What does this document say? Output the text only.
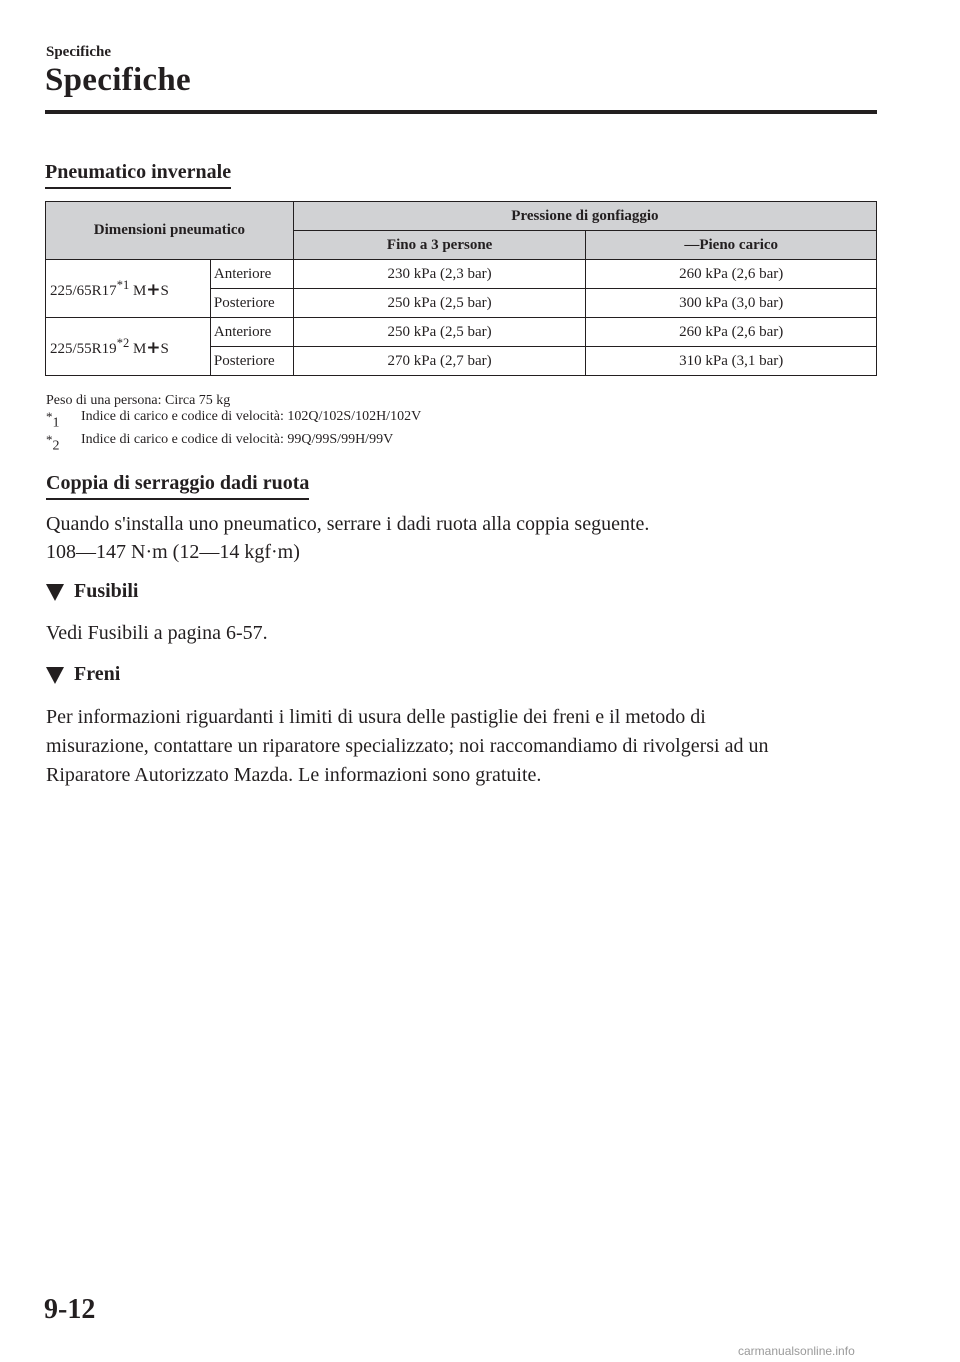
Specifiche
Specifiche
Pneumatico invernale
Dimensioni pneumatico		Pressione di gonfiaggio	
		Fino a 3 persone	―Pieno carico
225/65R17$^{*1}$ M+S	Anteriore	230 kPa (2,3 bar)	260 kPa (2,6 bar)
	Posteriore	250 kPa (2,5 bar)	300 kPa (3,0 bar)
225/55R19$^{*2}$ M+S	Anteriore	250 kPa (2,5 bar)	260 kPa (2,6 bar)
	Posteriore	270 kPa (2,7 bar)	310 kPa (3,1 bar)
Peso di una persona: Circa 75 kg
*1	Indice di carico e codice di velocità: 102Q/102S/102H/102V
*2	Indice di carico e codice di velocità: 99Q/99S/99H/99V
Coppia di serraggio dadi ruota
Quando s'installa uno pneumatico, serrare i dadi ruota alla coppia seguente.
108―147 N·m (12―14 kgf·m)
Fusibili
Vedi Fusibili a pagina 6-57.
Freni
Per informazioni riguardanti i limiti di usura delle pastiglie dei freni e il metodo di
misurazione, contattare un riparatore specializzato; noi raccomandiamo di rivolgersi ad un
Riparatore Autorizzato Mazda. Le informazioni sono gratuite.
9-12
carmanualsonline.info
